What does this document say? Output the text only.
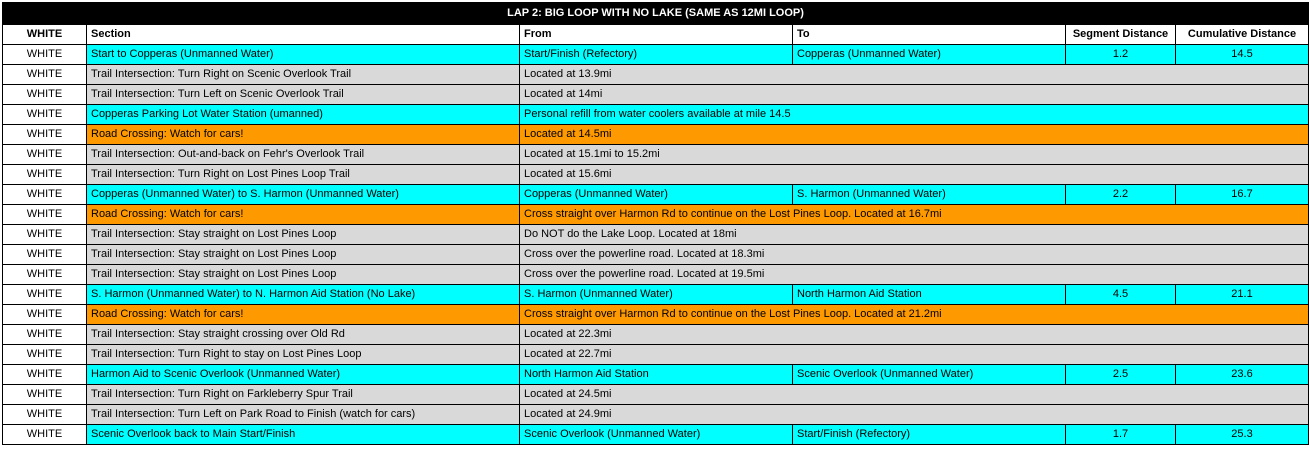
LAP 2: BIG LOOP WITH NO LAKE (SAME AS 12MI LOOP)					
WHITE	Section	From	To	Segment Distance	Cumulative Distance
WHITE	Start to Copperas (Unmanned Water)	Start/Finish (Refectory)	Copperas (Unmanned Water)	1.2	14.5
WHITE	Trail Intersection: Turn Right on Scenic Overlook Trail	Located at 13.9mi			
WHITE	Trail Intersection: Turn Left on Scenic Overlook Trail	Located at 14mi			
WHITE	Copperas Parking Lot Water Station (umanned)	Personal refill from water coolers available at mile 14.5			
WHITE	Road Crossing: Watch for cars!	Located at 14.5mi			
WHITE	Trail Intersection: Out-and-back on Fehr's Overlook Trail	Located at 15.1mi to 15.2mi			
WHITE	Trail Intersection: Turn Right on Lost Pines Loop Trail	Located at 15.6mi			
WHITE	Copperas (Unmanned Water) to S. Harmon (Unmanned Water)	Copperas (Unmanned Water)	S. Harmon (Unmanned Water)	2.2	16.7
WHITE	Road Crossing: Watch for cars!	Cross straight over Harmon Rd to continue on the Lost Pines Loop. Located at 16.7mi			
WHITE	Trail Intersection: Stay straight on Lost Pines Loop	Do NOT do the Lake Loop. Located at 18mi			
WHITE	Trail Intersection: Stay straight on Lost Pines Loop	Cross over the powerline road. Located at 18.3mi			
WHITE	Trail Intersection: Stay straight on Lost Pines Loop	Cross over the powerline road. Located at 19.5mi			
WHITE	S. Harmon (Unmanned Water) to N. Harmon Aid Station (No Lake)	S. Harmon (Unmanned Water)	North Harmon Aid Station	4.5	21.1
WHITE	Road Crossing: Watch for cars!	Cross straight over Harmon Rd to continue on the Lost Pines Loop. Located at 21.2mi			
WHITE	Trail Intersection: Stay straight crossing over Old Rd	Located at 22.3mi			
WHITE	Trail Intersection: Turn Right to stay on Lost Pines Loop	Located at 22.7mi			
WHITE	Harmon Aid to Scenic Overlook (Unmanned Water)	North Harmon Aid Station	Scenic Overlook (Unmanned Water)	2.5	23.6
WHITE	Trail Intersection: Turn Right on Farkleberry Spur Trail	Located at 24.5mi			
WHITE	Trail Intersection: Turn Left on Park Road to Finish (watch for cars)	Located at 24.9mi			
WHITE	Scenic Overlook back to Main Start/Finish	Scenic Overlook (Unmanned Water)	Start/Finish (Refectory)	1.7	25.3
